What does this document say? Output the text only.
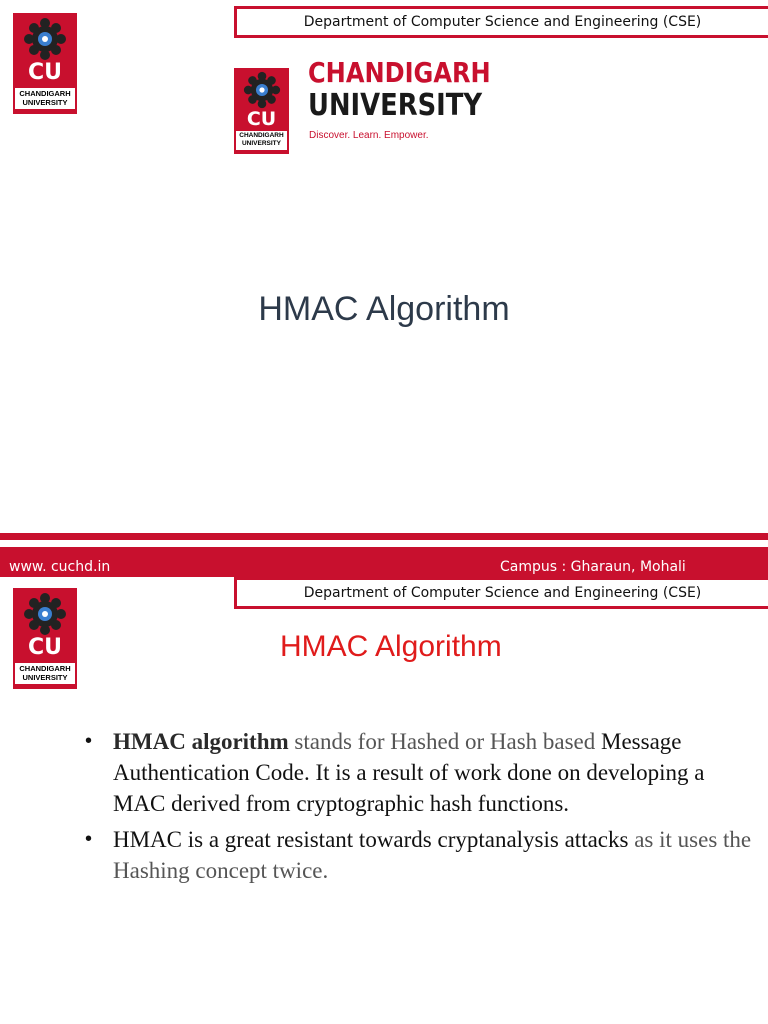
Department of Computer Science and Engineering (CSE)
CU
CHANDIGARH UNIVERSITY
CU
CHANDIGARH UNIVERSITY
CHANDIGARH
UNIVERSITY
Discover. Learn. Empower.
HMAC Algorithm
www. cuchd.in	Campus : Gharaun, Mohali
Department of Computer Science and Engineering (CSE)
CU
CHANDIGARH UNIVERSITY
HMAC Algorithm
• HMAC algorithm stands for Hashed or Hash based Message Authentication Code. It is a result of work done on developing a MAC derived from cryptographic hash functions.
• HMAC is a great resistant towards cryptanalysis attacks as it uses the Hashing concept twice.
